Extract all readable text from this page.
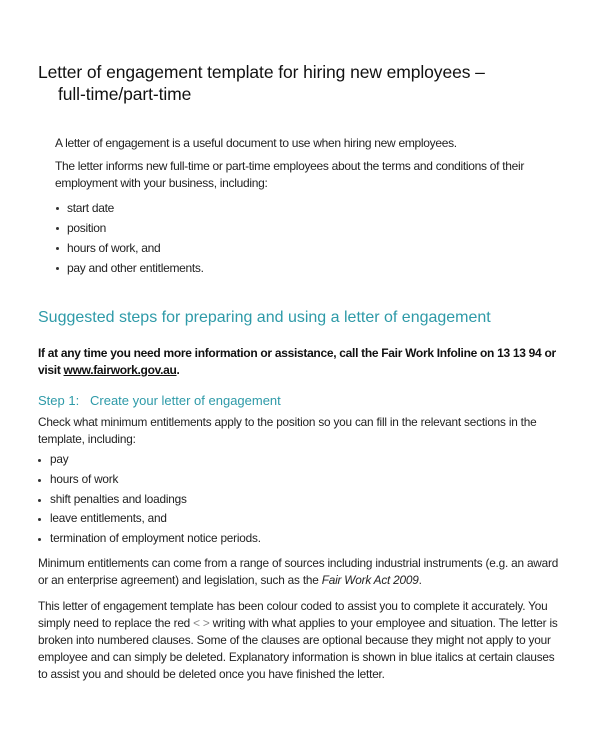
Letter of engagement template for hiring new employees –
full-time/part-time

A letter of engagement is a useful document to use when hiring new employees.

The letter informs new full-time or part-time employees about the terms and conditions of their employment with your business, including:

start date
position
hours of work, and
pay and other entitlements.
Suggested steps for preparing and using a letter of engagement
If at any time you need more information or assistance, call the Fair Work Infoline on 13 13 94 or visit www.fairwork.gov.au.
Step 1: Create your letter of engagement

Check what minimum entitlements apply to the position so you can fill in the relevant sections in the template, including:

pay
hours of work
shift penalties and loadings
leave entitlements, and
termination of employment notice periods.

Minimum entitlements can come from a range of sources including industrial instruments (e.g. an award or an enterprise agreement) and legislation, such as the Fair Work Act 2009.

This letter of engagement template has been colour coded to assist you to complete it accurately. You simply need to replace the red < > writing with what applies to your employee and situation. The letter is broken into numbered clauses. Some of the clauses are optional because they might not apply to your employee and can simply be deleted. Explanatory information is shown in blue italics at certain clauses to assist you and should be deleted once you have finished the letter.
